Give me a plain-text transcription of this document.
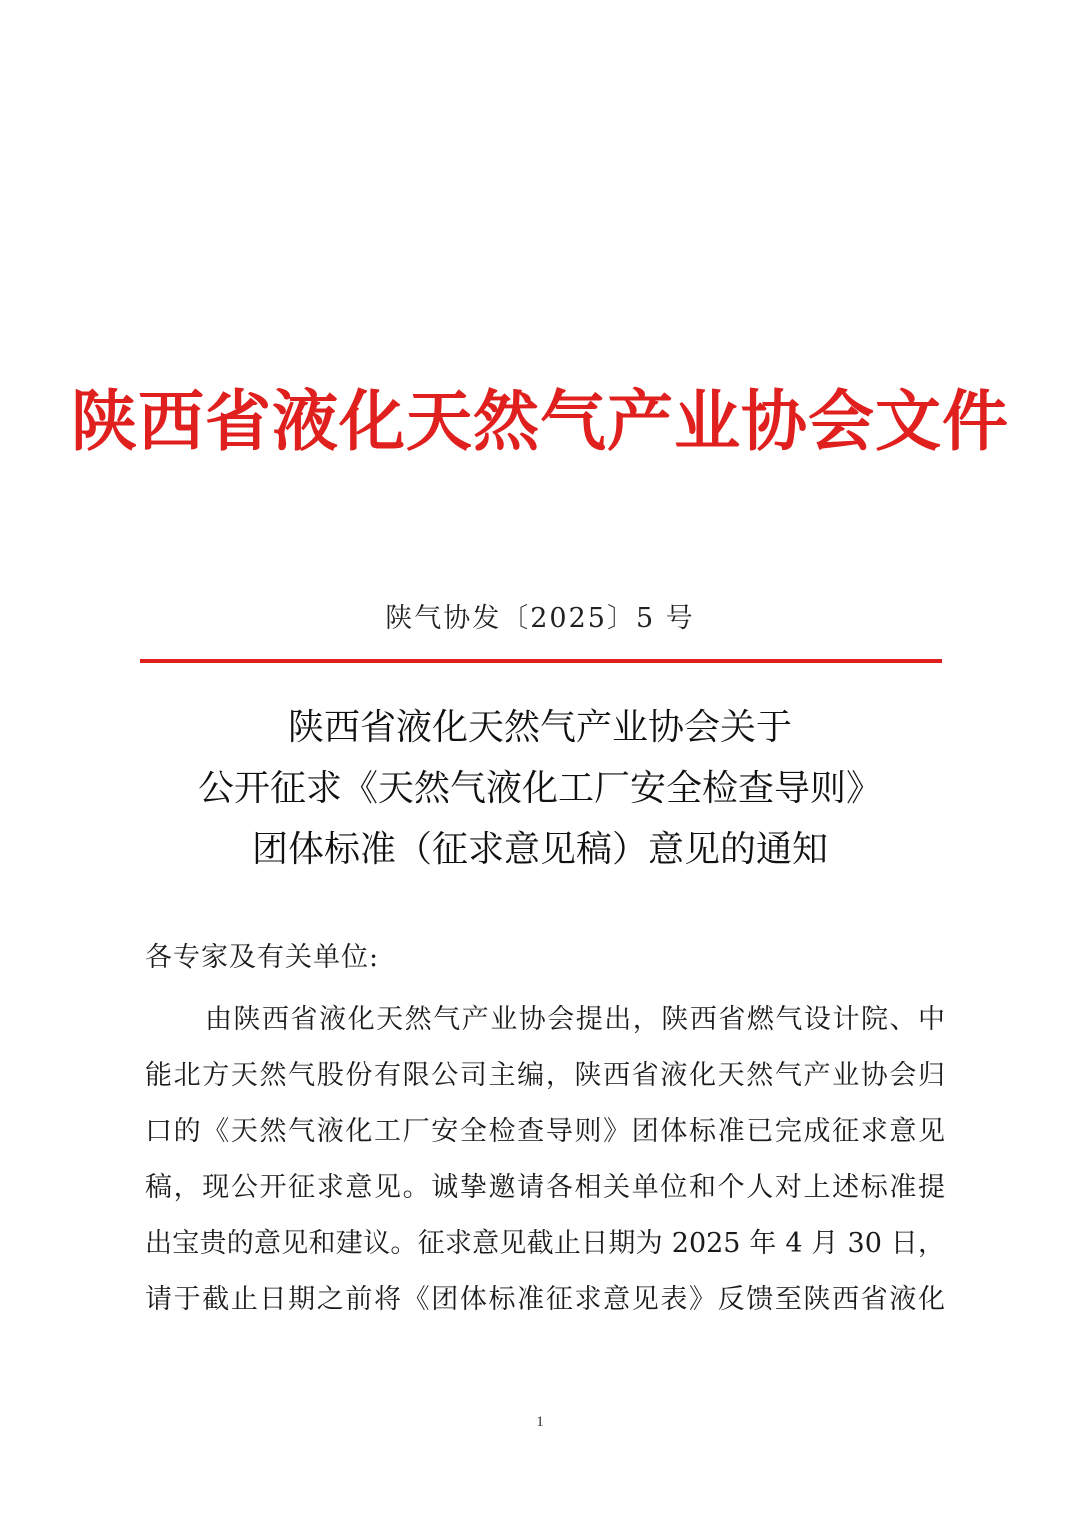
陕西省液化天然气产业协会文件
陕气协发〔2025〕5 号
陕西省液化天然气产业协会关于
公开征求《天然气液化工厂安全检查导则》
团体标准（征求意见稿）意见的通知
各专家及有关单位:
由陕西省液化天然气产业协会提出，陕西省燃气设计院、中
能北方天然气股份有限公司主编，陕西省液化天然气产业协会归
口的《天然气液化工厂安全检查导则》团体标准已完成征求意见
稿，现公开征求意见。诚挚邀请各相关单位和个人对上述标准提
出宝贵的意见和建议。征求意见截止日期为 2025 年 4 月 30 日，
请于截止日期之前将《团体标准征求意见表》反馈至陕西省液化
1
